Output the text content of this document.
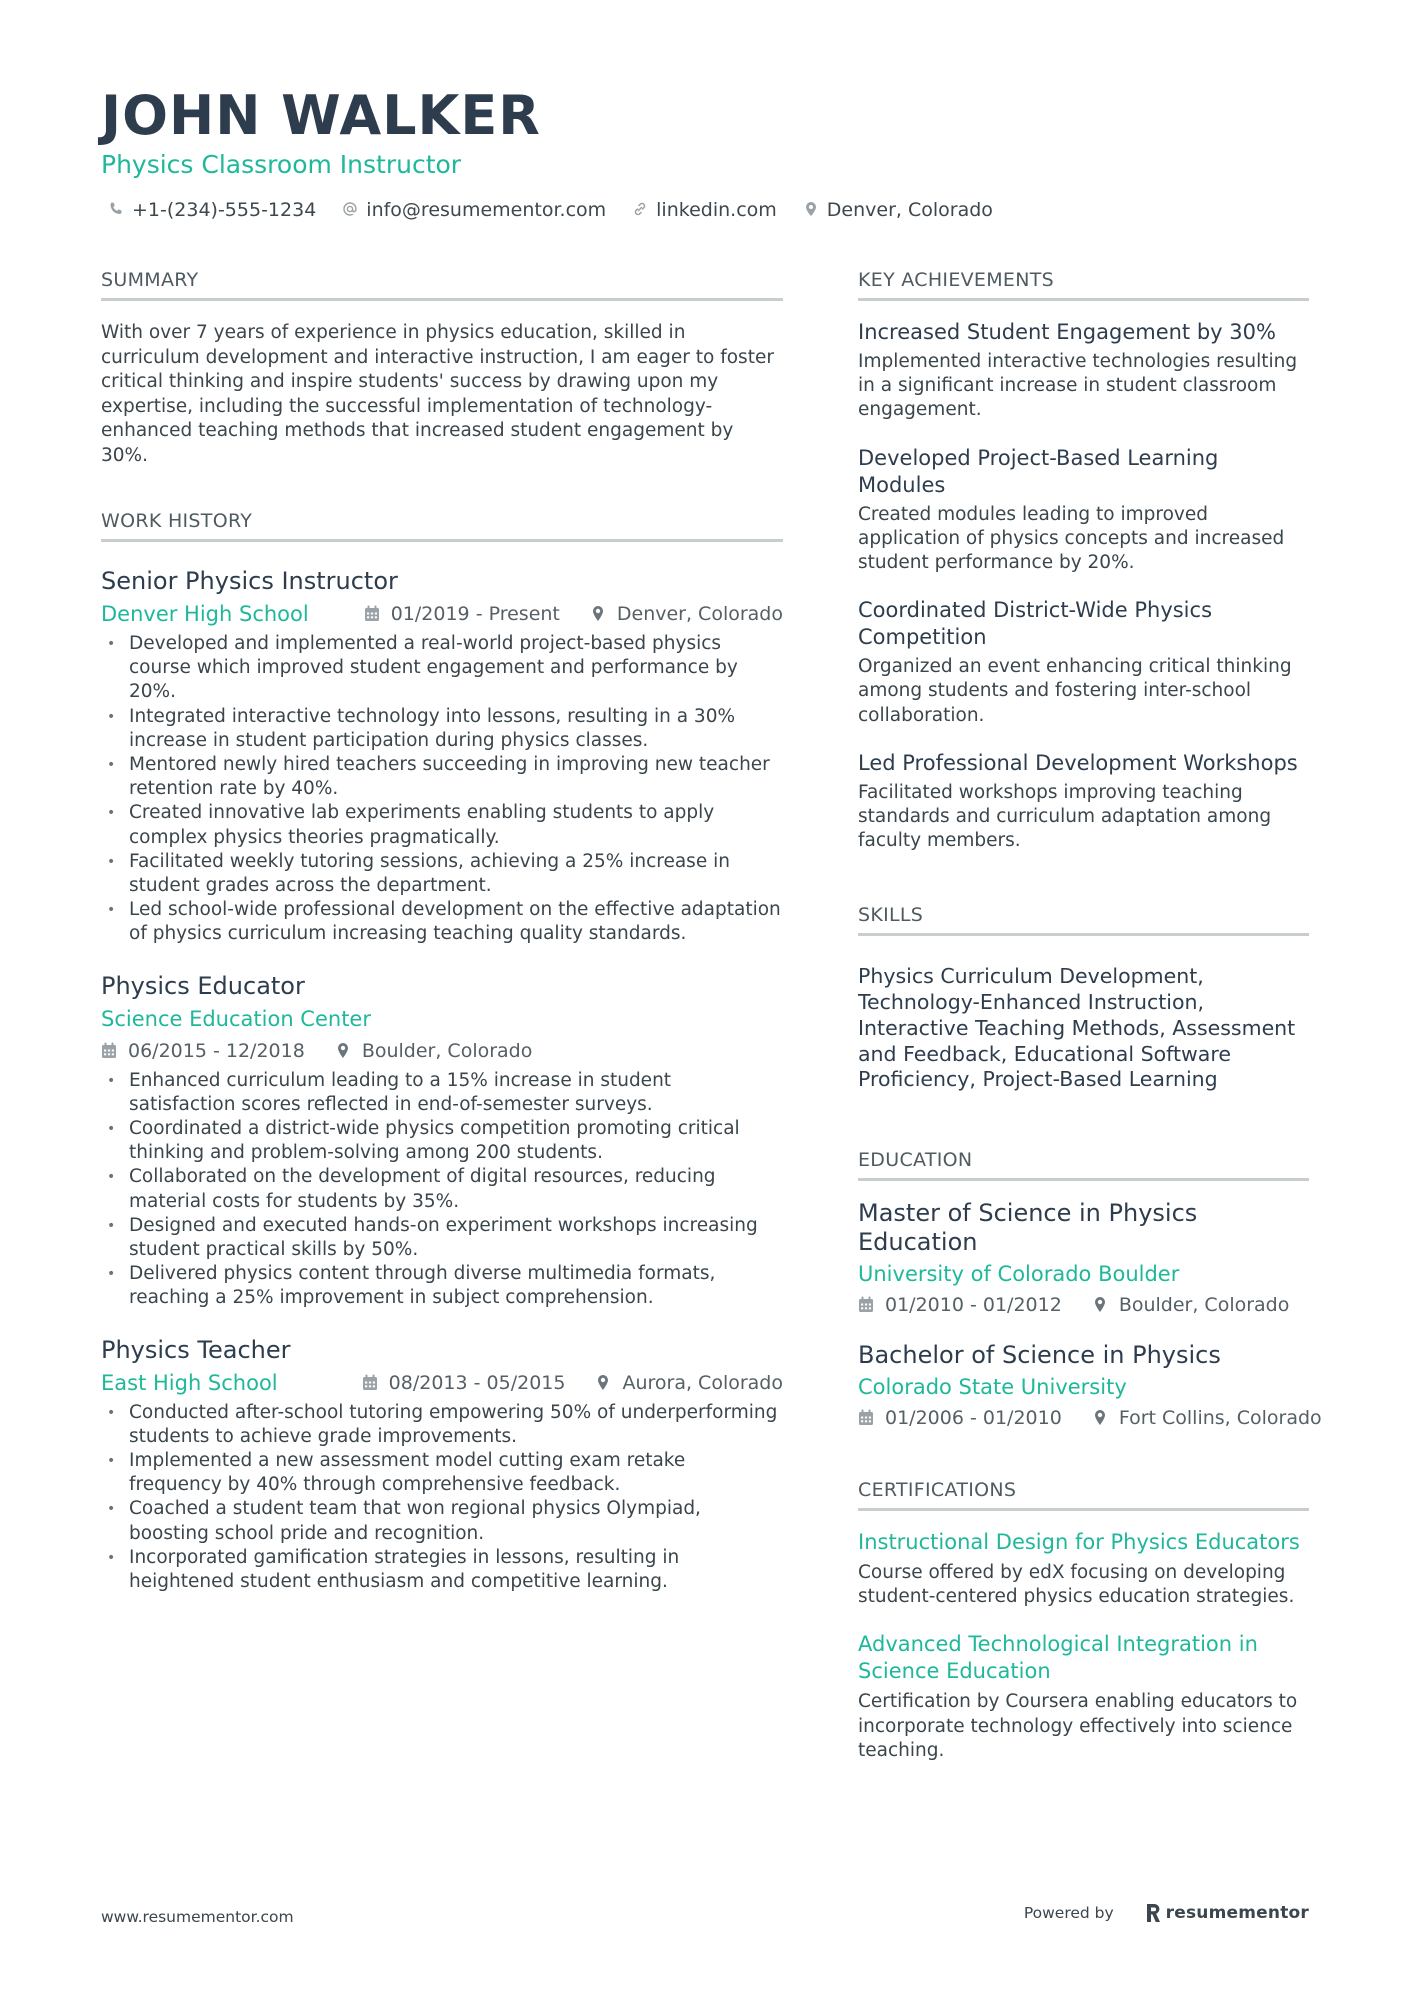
JOHN WALKER
Physics Classroom Instructor
+1-(234)-555-1234	info@resumementor.com	linkedin.com	Denver, Colorado
SUMMARY
With over 7 years of experience in physics education, skilled in curriculum development and interactive instruction, I am eager to foster critical thinking and inspire students' success by drawing upon my expertise, including the successful implementation of technology-enhanced teaching methods that increased student engagement by 30%.
WORK HISTORY
Senior Physics Instructor
Denver High School	01/2019 - Present	Denver, Colorado
• Developed and implemented a real-world project-based physics course which improved student engagement and performance by 20%.
• Integrated interactive technology into lessons, resulting in a 30% increase in student participation during physics classes.
• Mentored newly hired teachers succeeding in improving new teacher retention rate by 40%.
• Created innovative lab experiments enabling students to apply complex physics theories pragmatically.
• Facilitated weekly tutoring sessions, achieving a 25% increase in student grades across the department.
• Led school-wide professional development on the effective adaptation of physics curriculum increasing teaching quality standards.
Physics Educator
Science Education Center
06/2015 - 12/2018	Boulder, Colorado
• Enhanced curriculum leading to a 15% increase in student satisfaction scores reflected in end-of-semester surveys.
• Coordinated a district-wide physics competition promoting critical thinking and problem-solving among 200 students.
• Collaborated on the development of digital resources, reducing material costs for students by 35%.
• Designed and executed hands-on experiment workshops increasing student practical skills by 50%.
• Delivered physics content through diverse multimedia formats, reaching a 25% improvement in subject comprehension.
Physics Teacher
East High School	08/2013 - 05/2015	Aurora, Colorado
• Conducted after-school tutoring empowering 50% of underperforming students to achieve grade improvements.
• Implemented a new assessment model cutting exam retake frequency by 40% through comprehensive feedback.
• Coached a student team that won regional physics Olympiad, boosting school pride and recognition.
• Incorporated gamification strategies in lessons, resulting in heightened student enthusiasm and competitive learning.
KEY ACHIEVEMENTS
Increased Student Engagement by 30%
Implemented interactive technologies resulting in a significant increase in student classroom engagement.
Developed Project-Based Learning Modules
Created modules leading to improved application of physics concepts and increased student performance by 20%.
Coordinated District-Wide Physics Competition
Organized an event enhancing critical thinking among students and fostering inter-school collaboration.
Led Professional Development Workshops
Facilitated workshops improving teaching standards and curriculum adaptation among faculty members.
SKILLS
Physics Curriculum Development, Technology-Enhanced Instruction, Interactive Teaching Methods, Assessment and Feedback, Educational Software Proficiency, Project-Based Learning
EDUCATION
Master of Science in Physics Education
University of Colorado Boulder
01/2010 - 01/2012	Boulder, Colorado
Bachelor of Science in Physics
Colorado State University
01/2006 - 01/2010	Fort Collins, Colorado
CERTIFICATIONS
Instructional Design for Physics Educators
Course offered by edX focusing on developing student-centered physics education strategies.
Advanced Technological Integration in Science Education
Certification by Coursera enabling educators to incorporate technology effectively into science teaching.
www.resumementor.com	Powered by	resumementor
